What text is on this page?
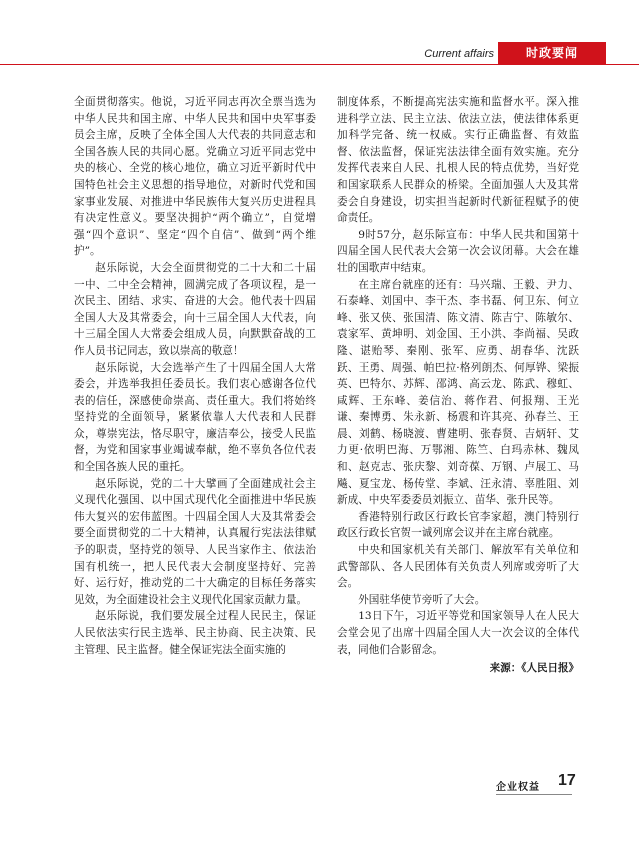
Current affairs	时政要闻

全面贯彻落实。他说，习近平同志再次全票当选为中华人民共和国主席、中华人民共和国中央军事委员会主席，反映了全体全国人大代表的共同意志和全国各族人民的共同心愿。党确立习近平同志党中央的核心、全党的核心地位，确立习近平新时代中国特色社会主义思想的指导地位，对新时代党和国家事业发展、对推进中华民族伟大复兴历史进程具有决定性意义。要坚决拥护“两个确立”，自觉增强“四个意识”、坚定“四个自信”、做到“两个维护”。

赵乐际说，大会全面贯彻党的二十大和二十届一中、二中全会精神，圆满完成了各项议程，是一次民主、团结、求实、奋进的大会。他代表十四届全国人大及其常委会，向十三届全国人大代表，向十三届全国人大常委会组成人员，向默默奋战的工作人员书记同志，致以崇高的敬意！

赵乐际说，大会选举产生了十四届全国人大常委会，并选举我担任委员长。我们衷心感谢各位代表的信任，深感使命崇高、责任重大。我们将始终坚持党的全面领导，紧紧依靠人大代表和人民群众，尊崇宪法，恪尽职守，廉洁奉公，接受人民监督，为党和国家事业竭诚奉献，绝不辜负各位代表和全国各族人民的重托。

赵乐际说，党的二十大擘画了全面建成社会主义现代化强国、以中国式现代化全面推进中华民族伟大复兴的宏伟蓝图。十四届全国人大及其常委会要全面贯彻党的二十大精神，认真履行宪法法律赋予的职责，坚持党的领导、人民当家作主、依法治国有机统一，把人民代表大会制度坚持好、完善好、运行好，推动党的二十大确定的目标任务落实见效，为全面建设社会主义现代化国家贡献力量。

赵乐际说，我们要发展全过程人民民主，保证人民依法实行民主选举、民主协商、民主决策、民主管理、民主监督。健全保证宪法全面实施的

制度体系，不断提高宪法实施和监督水平。深入推进科学立法、民主立法、依法立法，使法律体系更加科学完备、统一权威。实行正确监督、有效监督、依法监督，保证宪法法律全面有效实施。充分发挥代表来自人民、扎根人民的特点优势，当好党和国家联系人民群众的桥梁。全面加强人大及其常委会自身建设，切实担当起新时代新征程赋予的使命责任。

9时57分，赵乐际宣布：中华人民共和国第十四届全国人民代表大会第一次会议闭幕。大会在雄壮的国歌声中结束。

在主席台就座的还有：马兴瑞、王毅、尹力、石泰峰、刘国中、李干杰、李书磊、何卫东、何立峰、张又侠、张国清、陈文清、陈吉宁、陈敏尔、袁家军、黄坤明、刘金国、王小洪、李尚福、吴政隆、谌贻琴、秦刚、张军、应勇、胡春华、沈跃跃、王勇、周强、帕巴拉·格列朗杰、何厚铧、梁振英、巴特尔、苏辉、邵鸿、高云龙、陈武、穆虹、咸辉、王东峰、姜信治、蒋作君、何报翔、王光谦、秦博勇、朱永新、杨震和许其亮、孙春兰、王晨、刘鹤、杨晓渡、曹建明、张春贤、吉炳轩、艾力更·依明巴海、万鄂湘、陈竺、白玛赤林、魏凤和、赵克志、张庆黎、刘奇葆、万钢、卢展工、马飚、夏宝龙、杨传堂、李斌、汪永清、辜胜阻、刘新成、中央军委委员刘振立、苗华、张升民等。

香港特别行政区行政长官李家超，澳门特别行政区行政长官贺一诚列席会议并在主席台就座。

中央和国家机关有关部门、解放军有关单位和武警部队、各人民团体有关负责人列席或旁听了大会。

外国驻华使节旁听了大会。

13日下午，习近平等党和国家领导人在人民大会堂会见了出席十四届全国人大一次会议的全体代表，同他们合影留念。

来源：《人民日报》

企业权益 17
